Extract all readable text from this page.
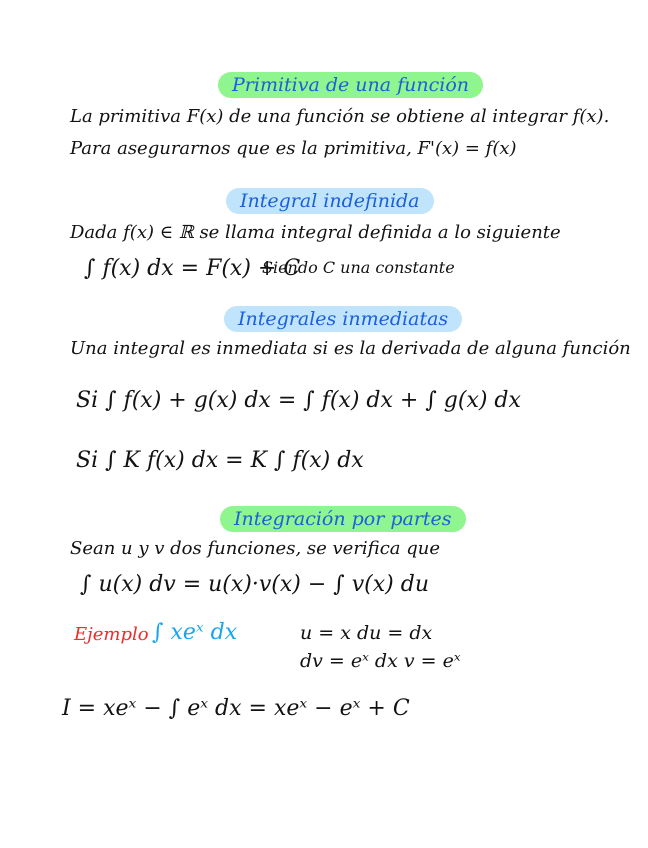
Primitiva de una función
La primitiva F(x) de una función se obtiene al integrar f(x).
Para asegurarnos que es la primitiva, F'(x) = f(x)
Integral indefinida
Dada f(x) ∈ ℝ se llama integral definida a lo siguiente
∫ f(x) dx = F(x) + C
Siendo C una constante
Integrales inmediatas
Una integral es inmediata si es la derivada de alguna función
Si ∫ f(x) + g(x) dx = ∫ f(x) dx + ∫ g(x) dx
Si ∫ K f(x) dx = K ∫ f(x) dx
Integración por partes
Sean u y v dos funciones, se verifica que
∫ u(x) dv = u(x)·v(x) − ∫ v(x) du
Ejemplo ∫ xeˣ dx	u = x du = dx
dv = eˣ dx v = eˣ
I = xeˣ − ∫ eˣ dx = xeˣ − eˣ + C
